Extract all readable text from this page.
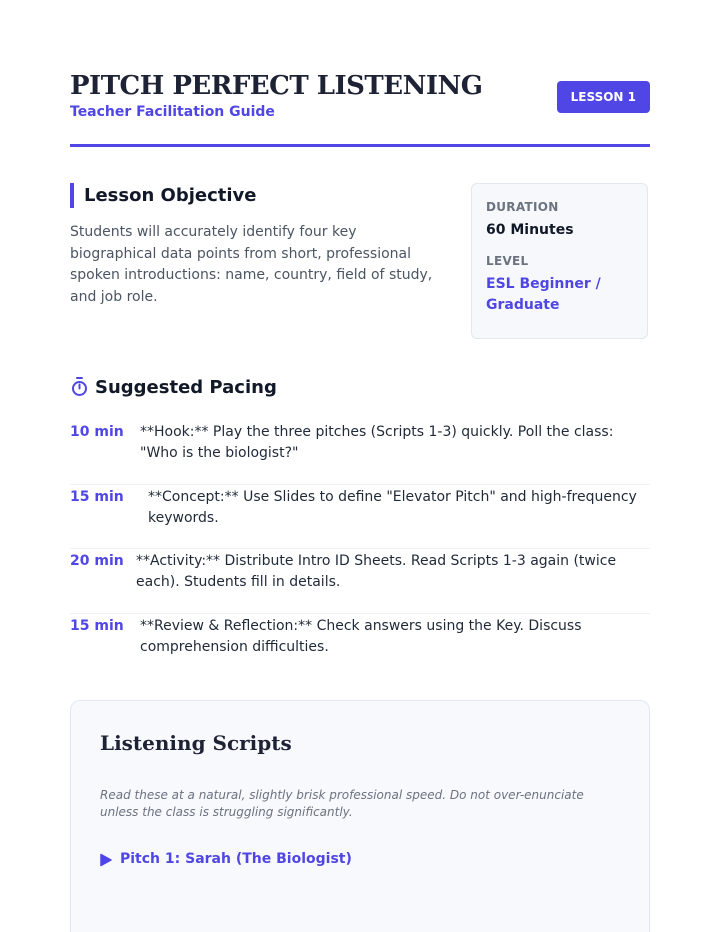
PITCH PERFECT LISTENING
Teacher Facilitation Guide
LESSON 1
Lesson Objective
Students will accurately identify four key biographical data points from short, professional spoken introductions: name, country, field of study, and job role.
DURATION
60 Minutes
LEVEL
ESL Beginner / Graduate
Suggested Pacing
10 min	**Hook:** Play the three pitches (Scripts 1-3) quickly. Poll the class: "Who is the biologist?"
15 min	**Concept:** Use Slides to define "Elevator Pitch" and high-frequency keywords.
20 min **Activity:** Distribute Intro ID Sheets. Read Scripts 1-3 again (twice each). Students fill in details.
15 min	**Review & Reflection:** Check answers using the Key. Discuss comprehension difficulties.
Listening Scripts
Read these at a natural, slightly brisk professional speed. Do not over-enunciate unless the class is struggling significantly.
Pitch 1: Sarah (The Biologist)
